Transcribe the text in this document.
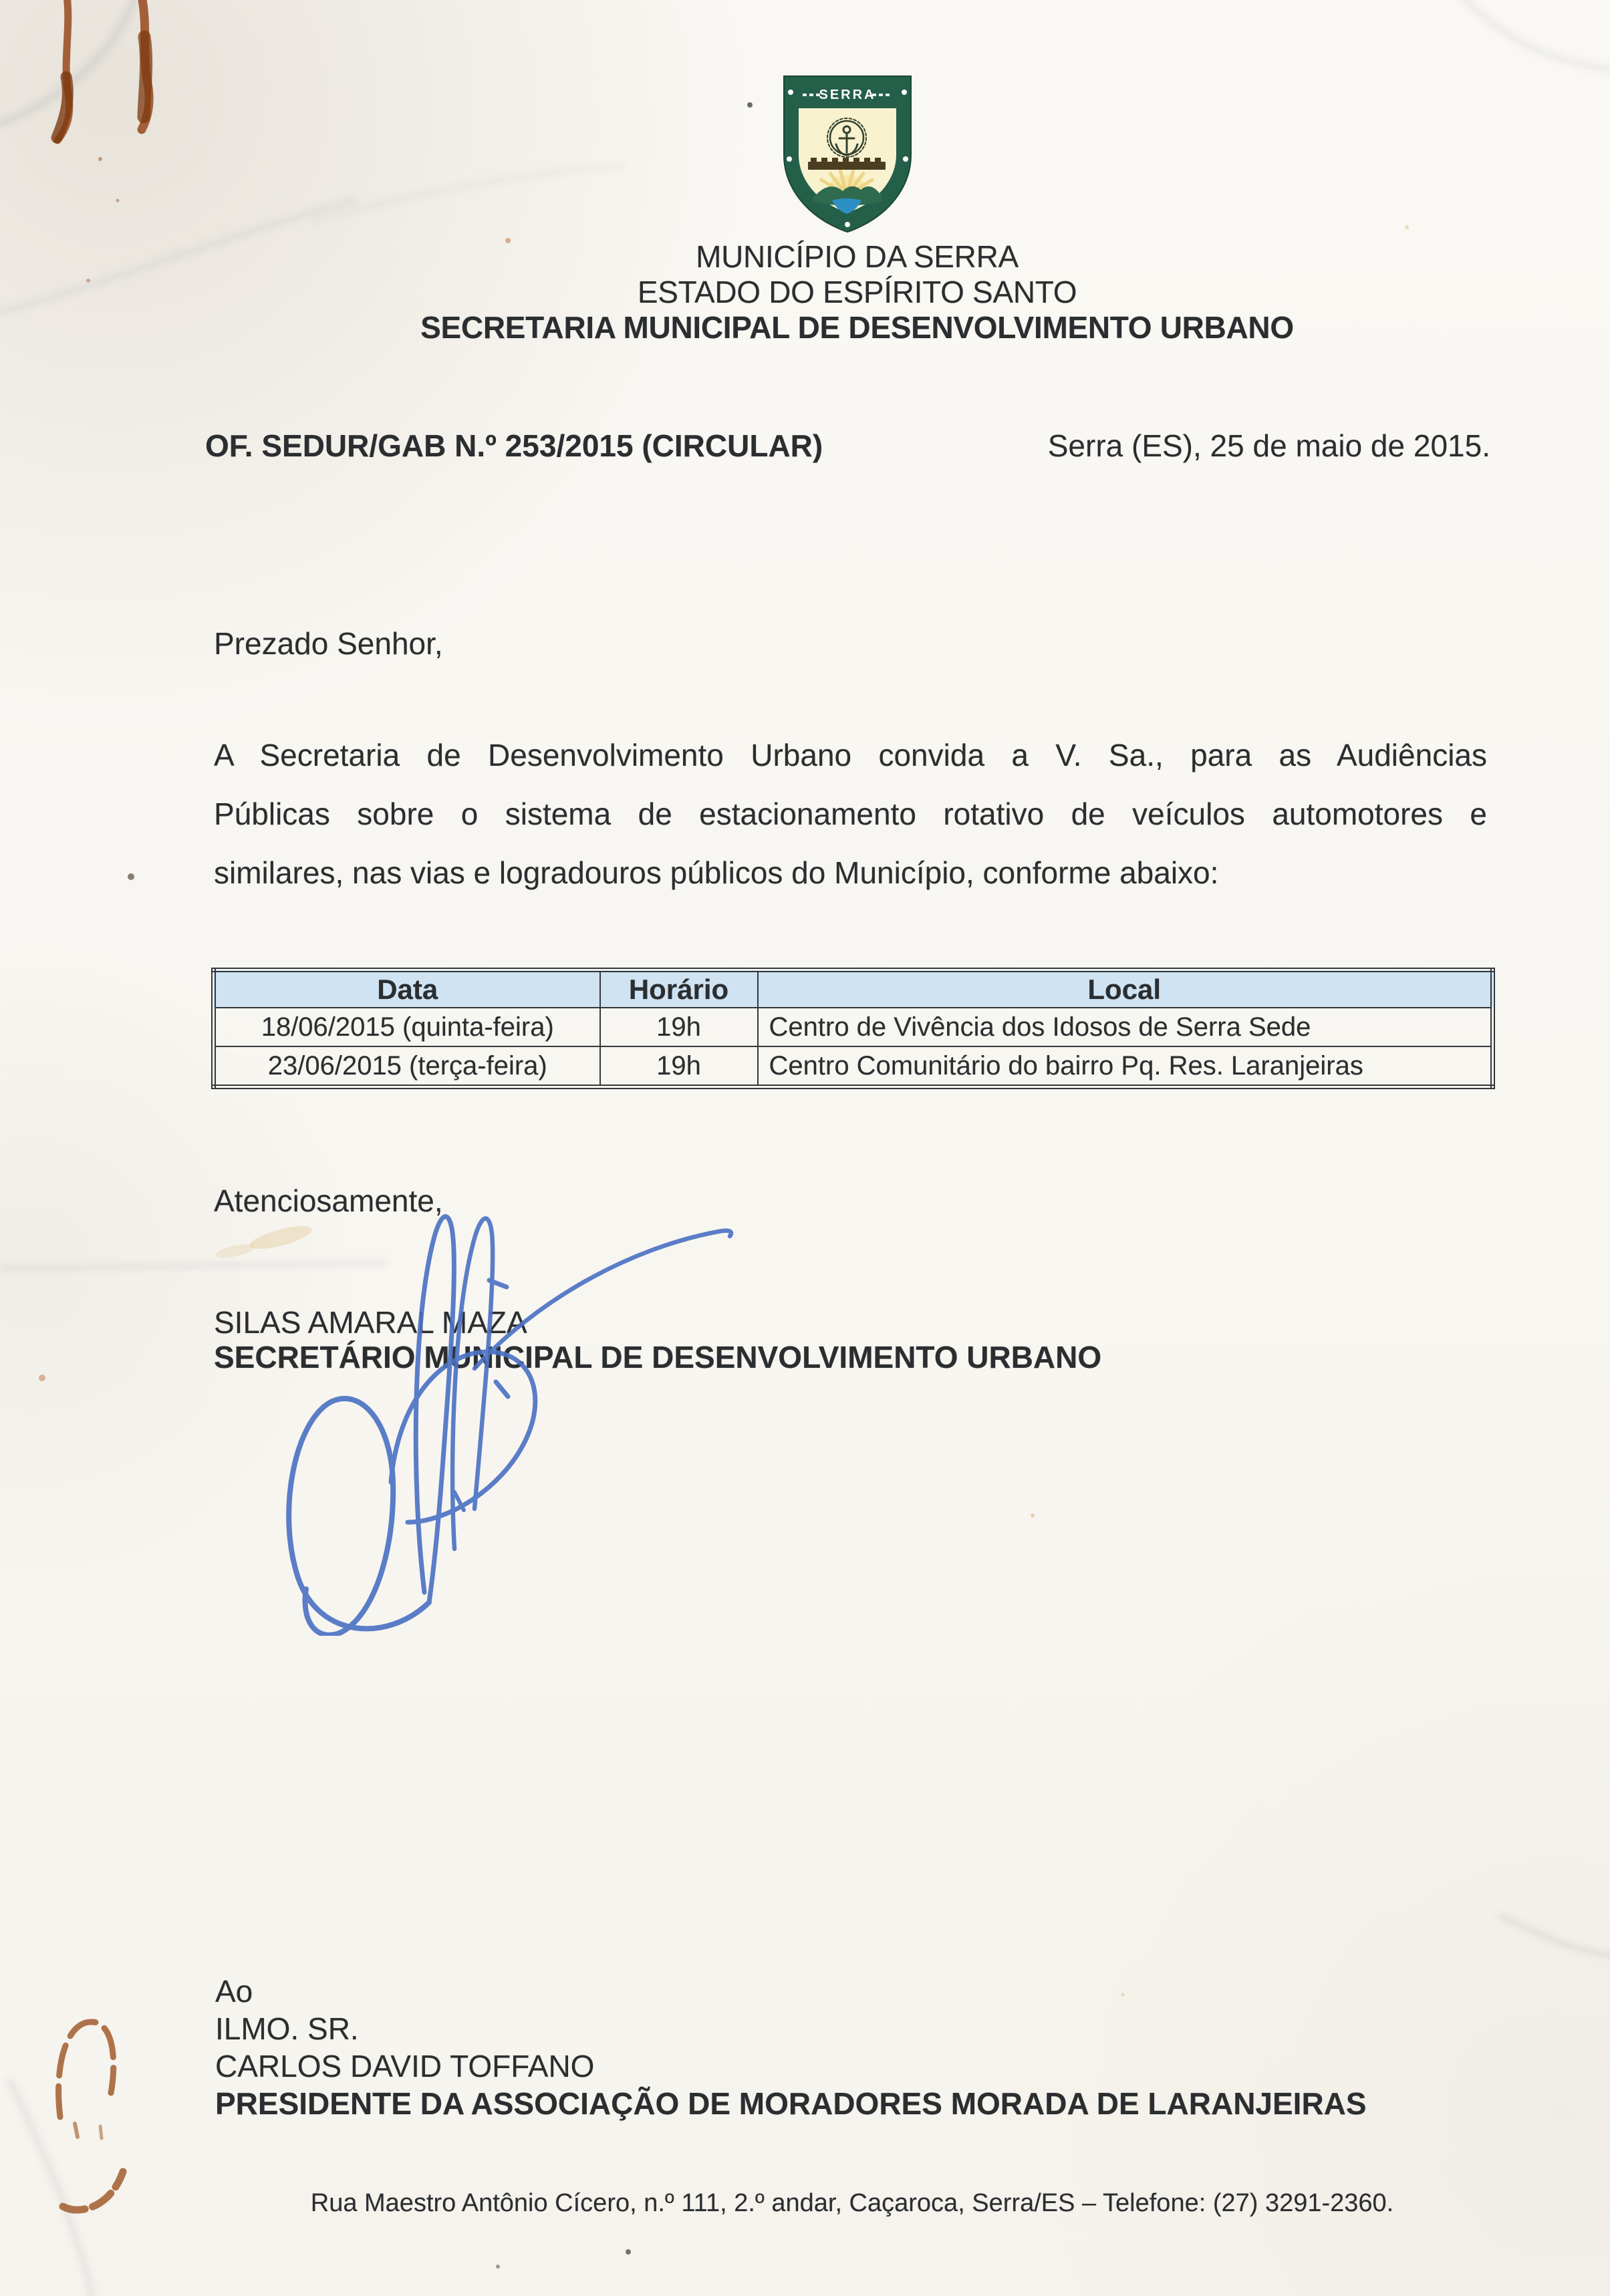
SERRA
MUNICÍPIO DA SERRA
ESTADO DO ESPÍRITO SANTO
SECRETARIA MUNICIPAL DE DESENVOLVIMENTO URBANO
OF. SEDUR/GAB N.º 253/2015 (CIRCULAR)	Serra (ES), 25 de maio de 2015.
Prezado Senhor,
A Secretaria de Desenvolvimento Urbano convida a V. Sa., para as Audiências
Públicas sobre o sistema de estacionamento rotativo de veículos automotores e
similares, nas vias e logradouros públicos do Município, conforme abaixo:
Data	Horário	Local
18/06/2015 (quinta-feira)	19h	Centro de Vivência dos Idosos de Serra Sede
23/06/2015 (terça-feira)	19h	Centro Comunitário do bairro Pq. Res. Laranjeiras
Atenciosamente,
SILAS AMARAL MAZA
SECRETÁRIO MUNICIPAL DE DESENVOLVIMENTO URBANO
Ao
ILMO. SR.
CARLOS DAVID TOFFANO
PRESIDENTE DA ASSOCIAÇÃO DE MORADORES MORADA DE LARANJEIRAS
Rua Maestro Antônio Cícero, n.º 111, 2.º andar, Caçaroca, Serra/ES – Telefone: (27) 3291-2360.
